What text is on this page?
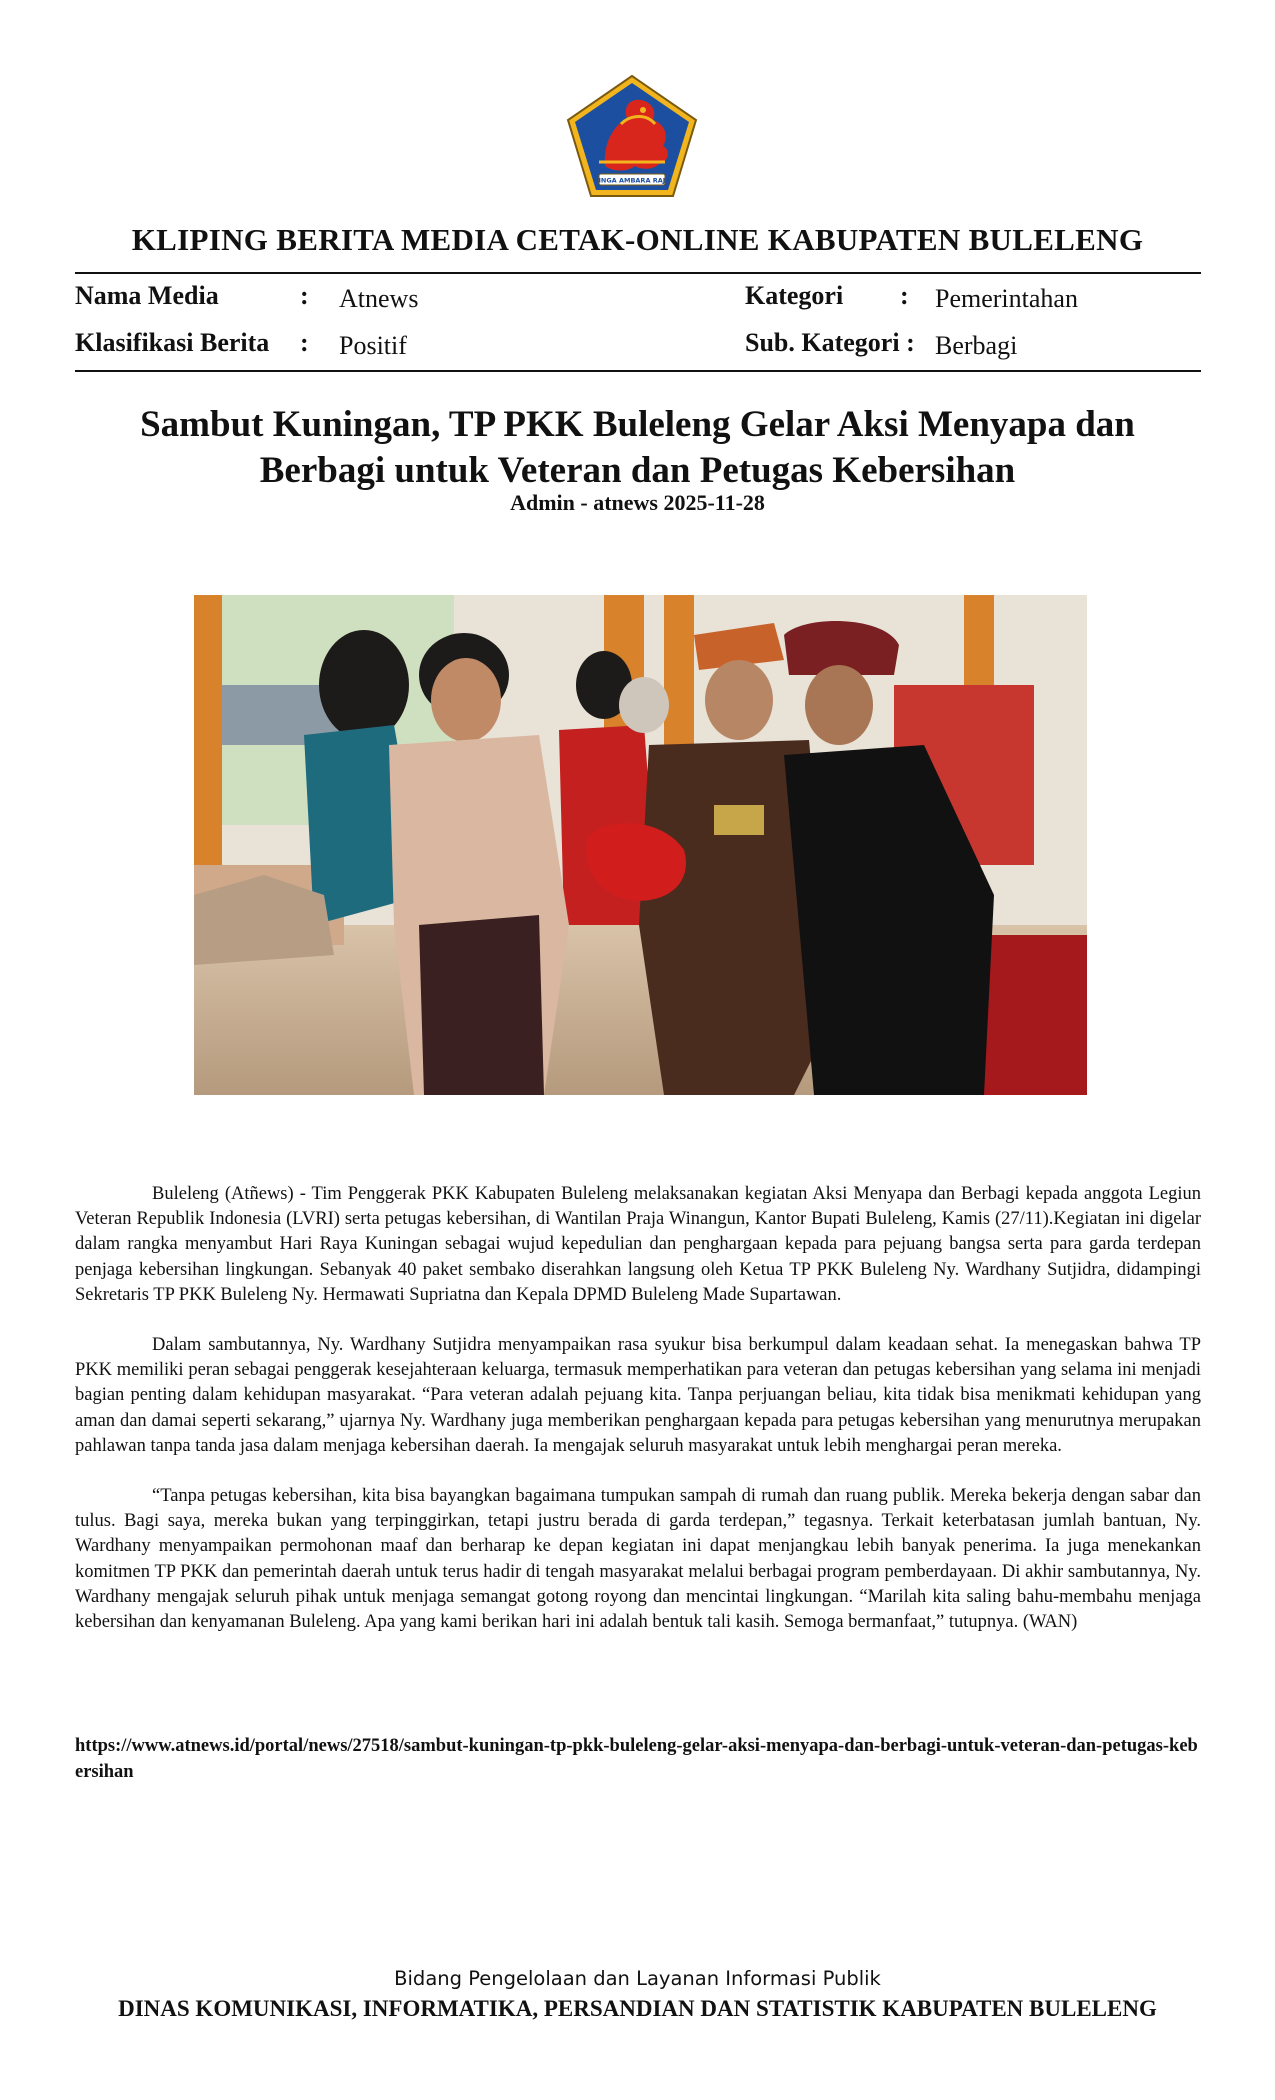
SINGA AMBARA RAJA
KLIPING BERITA MEDIA CETAK-ONLINE KABUPATEN BULELENG
Nama Media	: Atnews
Klasifikasi Berita : Positif
Kategori : Pemerintahan
Sub. Kategori : Berbagi
Sambut Kuningan, TP PKK Buleleng Gelar Aksi Menyapa dan
Berbagi untuk Veteran dan Petugas Kebersihan
Admin - atnews 2025-11-28

Buleleng (Atñews) - Tim Penggerak PKK Kabupaten Buleleng melaksanakan kegiatan Aksi Menyapa dan Berbagi kepada anggota Legiun Veteran Republik Indonesia (LVRI) serta petugas kebersihan, di Wantilan Praja Winangun, Kantor Bupati Buleleng, Kamis (27/11).Kegiatan ini digelar dalam rangka menyambut Hari Raya Kuningan sebagai wujud kepedulian dan penghargaan kepada para pejuang bangsa serta para garda terdepan penjaga kebersihan lingkungan. Sebanyak 40 paket sembako diserahkan langsung oleh Ketua TP PKK Buleleng Ny. Wardhany Sutjidra, didampingi Sekretaris TP PKK Buleleng Ny. Hermawati Supriatna dan Kepala DPMD Buleleng Made Supartawan.

Dalam sambutannya, Ny. Wardhany Sutjidra menyampaikan rasa syukur bisa berkumpul dalam keadaan sehat. Ia menegaskan bahwa TP PKK memiliki peran sebagai penggerak kesejahteraan keluarga, termasuk memperhatikan para veteran dan petugas kebersihan yang selama ini menjadi bagian penting dalam kehidupan masyarakat. “Para veteran adalah pejuang kita. Tanpa perjuangan beliau, kita tidak bisa menikmati kehidupan yang aman dan damai seperti sekarang,” ujarnya Ny. Wardhany juga memberikan penghargaan kepada para petugas kebersihan yang menurutnya merupakan pahlawan tanpa tanda jasa dalam menjaga kebersihan daerah. Ia mengajak seluruh masyarakat untuk lebih menghargai peran mereka.

“Tanpa petugas kebersihan, kita bisa bayangkan bagaimana tumpukan sampah di rumah dan ruang publik. Mereka bekerja dengan sabar dan tulus. Bagi saya, mereka bukan yang terpinggirkan, tetapi justru berada di garda terdepan,” tegasnya. Terkait keterbatasan jumlah bantuan, Ny. Wardhany menyampaikan permohonan maaf dan berharap ke depan kegiatan ini dapat menjangkau lebih banyak penerima. Ia juga menekankan komitmen TP PKK dan pemerintah daerah untuk terus hadir di tengah masyarakat melalui berbagai program pemberdayaan. Di akhir sambutannya, Ny. Wardhany mengajak seluruh pihak untuk menjaga semangat gotong royong dan mencintai lingkungan. “Marilah kita saling bahu-membahu menjaga kebersihan dan kenyamanan Buleleng. Apa yang kami berikan hari ini adalah bentuk tali kasih. Semoga bermanfaat,” tutupnya. (WAN)

https://www.atnews.id/portal/news/27518/sambut-kuningan-tp-pkk-buleleng-gelar-aksi-menyapa-dan-berbagi-untuk-veteran-dan-petugas-kebersihan
Bidang Pengelolaan dan Layanan Informasi Publik
DINAS KOMUNIKASI, INFORMATIKA, PERSANDIAN DAN STATISTIK KABUPATEN BULELENG
